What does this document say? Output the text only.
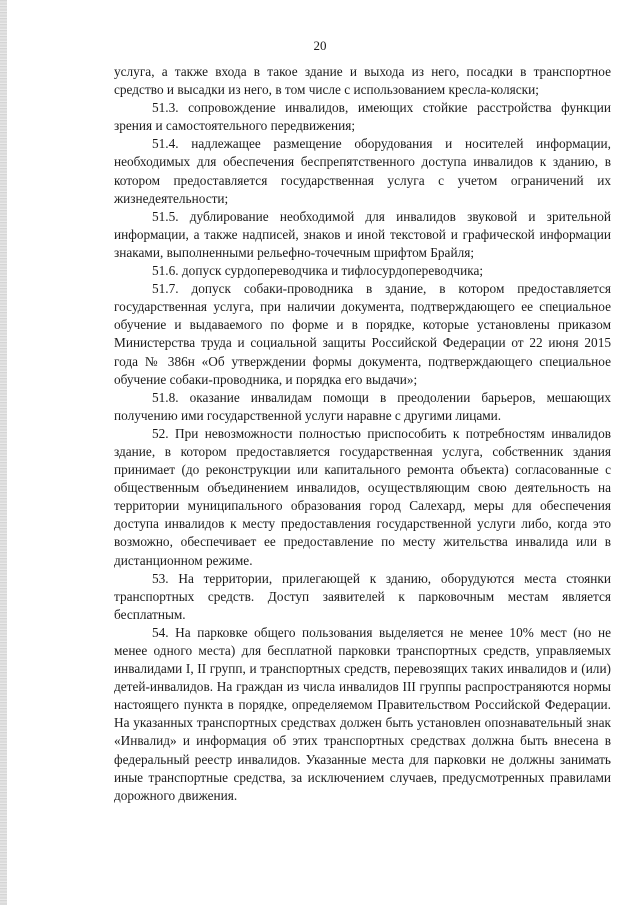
20

услуга, а также входа в такое здание и выхода из него, посадки в транспортное средство и высадки из него, в том числе с использованием кресла-коляски;

51.3. сопровождение инвалидов, имеющих стойкие расстройства функции зрения и самостоятельного передвижения;

51.4. надлежащее размещение оборудования и носителей информации, необходимых для обеспечения беспрепятственного доступа инвалидов к зданию, в котором предоставляется государственная услуга с учетом ограничений их жизнедеятельности;

51.5. дублирование необходимой для инвалидов звуковой и зрительной информации, а также надписей, знаков и иной текстовой и графической информации знаками, выполненными рельефно-точечным шрифтом Брайля;

51.6. допуск сурдопереводчика и тифлосурдопереводчика;

51.7. допуск собаки-проводника в здание, в котором предоставляется государственная услуга, при наличии документа, подтверждающего ее специальное обучение и выдаваемого по форме и в порядке, которые установлены приказом Министерства труда и социальной защиты Российской Федерации от 22 июня 2015 года № 386н «Об утверждении формы документа, подтверждающего специальное обучение собаки-проводника, и порядка его выдачи»;

51.8. оказание инвалидам помощи в преодолении барьеров, мешающих получению ими государственной услуги наравне с другими лицами.

52. При невозможности полностью приспособить к потребностям инвалидов здание, в котором предоставляется государственная услуга, собственник здания принимает (до реконструкции или капитального ремонта объекта) согласованные с общественным объединением инвалидов, осуществляющим свою деятельность на территории муниципального образования город Салехард, меры для обеспечения доступа инвалидов к месту предоставления государственной услуги либо, когда это возможно, обеспечивает ее предоставление по месту жительства инвалида или в дистанционном режиме.

53. На территории, прилегающей к зданию, оборудуются места стоянки транспортных средств. Доступ заявителей к парковочным местам является бесплатным.

54. На парковке общего пользования выделяется не менее 10% мест (но не менее одного места) для бесплатной парковки транспортных средств, управляемых инвалидами I, II групп, и транспортных средств, перевозящих таких инвалидов и (или) детей-инвалидов. На граждан из числа инвалидов III группы распространяются нормы настоящего пункта в порядке, определяемом Правительством Российской Федерации. На указанных транспортных средствах должен быть установлен опознавательный знак «Инвалид» и информация об этих транспортных средствах должна быть внесена в федеральный реестр инвалидов. Указанные места для парковки не должны занимать иные транспортные средства, за исключением случаев, предусмотренных правилами дорожного движения.
